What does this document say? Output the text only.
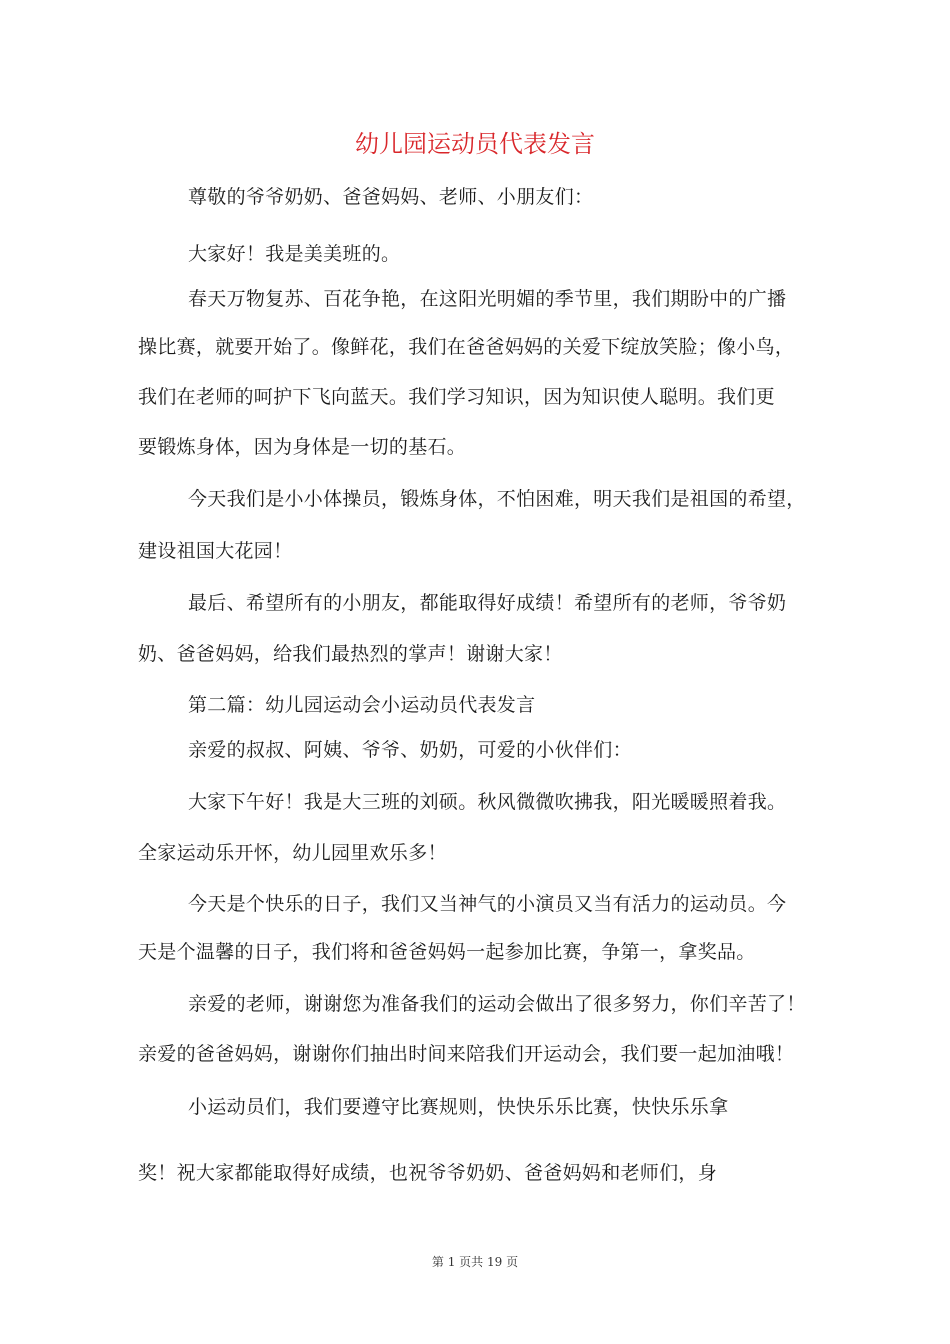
幼儿园运动员代表发言
尊敬的爷爷奶奶、爸爸妈妈、老师、小朋友们：
大家好！我是美美班的。
春天万物复苏、百花争艳，在这阳光明媚的季节里，我们期盼中的广播
操比赛，就要开始了。像鲜花，我们在爸爸妈妈的关爱下绽放笑脸；像小鸟，
我们在老师的呵护下飞向蓝天。我们学习知识，因为知识使人聪明。我们更
要锻炼身体，因为身体是一切的基石。
今天我们是小小体操员，锻炼身体，不怕困难，明天我们是祖国的希望，
建设祖国大花园！
最后、希望所有的小朋友，都能取得好成绩！希望所有的老师，爷爷奶
奶、爸爸妈妈，给我们最热烈的掌声！谢谢大家！
第二篇：幼儿园运动会小运动员代表发言
亲爱的叔叔、阿姨、爷爷、奶奶，可爱的小伙伴们：
大家下午好！我是大三班的刘硕。秋风微微吹拂我，阳光暖暖照着我。
全家运动乐开怀，幼儿园里欢乐多！
今天是个快乐的日子，我们又当神气的小演员又当有活力的运动员。今
天是个温馨的日子，我们将和爸爸妈妈一起参加比赛，争第一，拿奖品。
亲爱的老师，谢谢您为准备我们的运动会做出了很多努力，你们辛苦了！
亲爱的爸爸妈妈，谢谢你们抽出时间来陪我们开运动会，我们要一起加油哦！
小运动员们，我们要遵守比赛规则，快快乐乐比赛，快快乐乐拿
奖！祝大家都能取得好成绩，也祝爷爷奶奶、爸爸妈妈和老师们，身
第 1 页共 19 页
